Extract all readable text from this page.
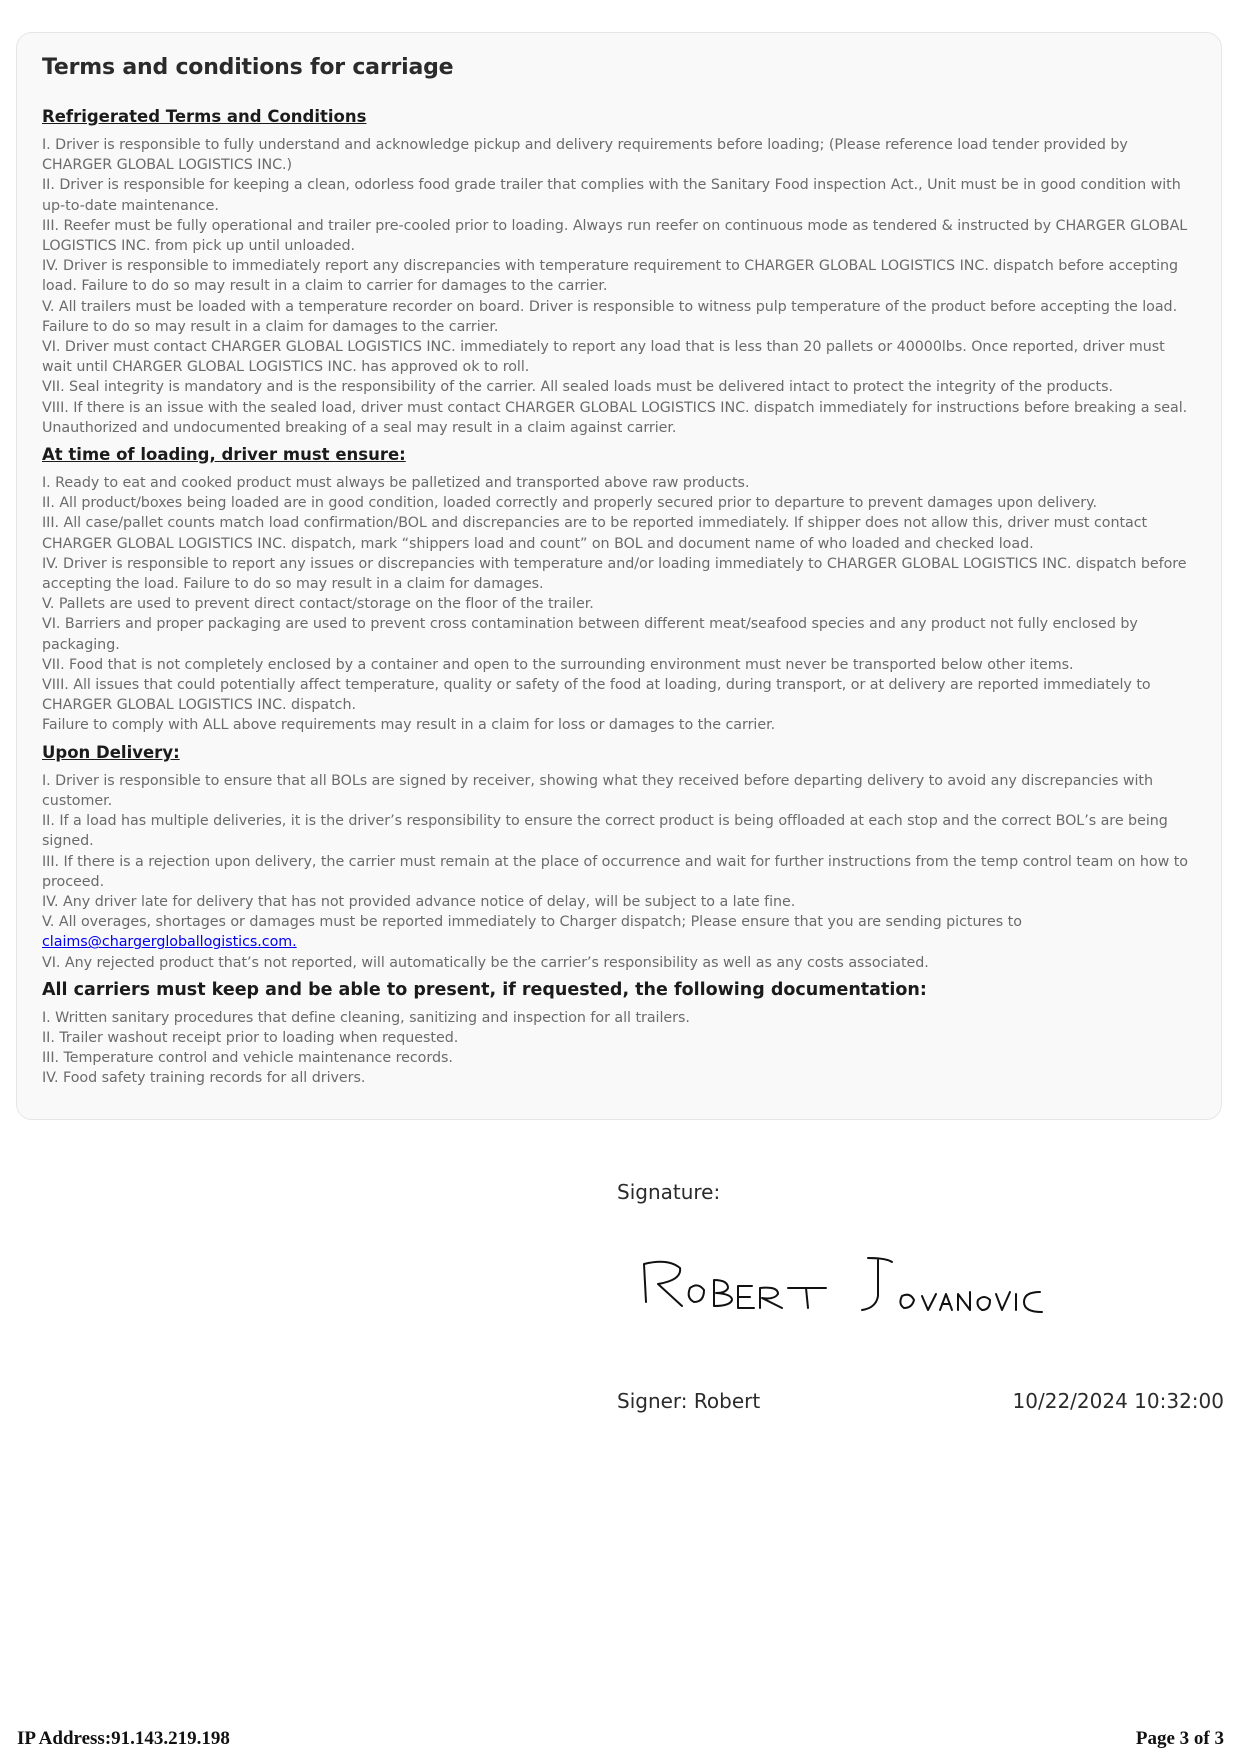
Terms and conditions for carriage
Refrigerated Terms and Conditions
I. Driver is responsible to fully understand and acknowledge pickup and delivery requirements before loading; (Please reference load tender provided by CHARGER GLOBAL LOGISTICS INC.)
II. Driver is responsible for keeping a clean, odorless food grade trailer that complies with the Sanitary Food inspection Act., Unit must be in good condition with up-to-date maintenance.
III. Reefer must be fully operational and trailer pre-cooled prior to loading. Always run reefer on continuous mode as tendered & instructed by CHARGER GLOBAL LOGISTICS INC. from pick up until unloaded.
IV. Driver is responsible to immediately report any discrepancies with temperature requirement to CHARGER GLOBAL LOGISTICS INC. dispatch before accepting load. Failure to do so may result in a claim to carrier for damages to the carrier.
V. All trailers must be loaded with a temperature recorder on board. Driver is responsible to witness pulp temperature of the product before accepting the load. Failure to do so may result in a claim for damages to the carrier.
VI. Driver must contact CHARGER GLOBAL LOGISTICS INC. immediately to report any load that is less than 20 pallets or 40000lbs. Once reported, driver must wait until CHARGER GLOBAL LOGISTICS INC. has approved ok to roll.
VII. Seal integrity is mandatory and is the responsibility of the carrier. All sealed loads must be delivered intact to protect the integrity of the products.
VIII. If there is an issue with the sealed load, driver must contact CHARGER GLOBAL LOGISTICS INC. dispatch immediately for instructions before breaking a seal. Unauthorized and undocumented breaking of a seal may result in a claim against carrier.
At time of loading, driver must ensure:
I. Ready to eat and cooked product must always be palletized and transported above raw products.
II. All product/boxes being loaded are in good condition, loaded correctly and properly secured prior to departure to prevent damages upon delivery.
III. All case/pallet counts match load confirmation/BOL and discrepancies are to be reported immediately. If shipper does not allow this, driver must contact CHARGER GLOBAL LOGISTICS INC. dispatch, mark “shippers load and count” on BOL and document name of who loaded and checked load.
IV. Driver is responsible to report any issues or discrepancies with temperature and/or loading immediately to CHARGER GLOBAL LOGISTICS INC. dispatch before accepting the load. Failure to do so may result in a claim for damages.
V. Pallets are used to prevent direct contact/storage on the floor of the trailer.
VI. Barriers and proper packaging are used to prevent cross contamination between different meat/seafood species and any product not fully enclosed by packaging.
VII. Food that is not completely enclosed by a container and open to the surrounding environment must never be transported below other items.
VIII. All issues that could potentially affect temperature, quality or safety of the food at loading, during transport, or at delivery are reported immediately to CHARGER GLOBAL LOGISTICS INC. dispatch.
Failure to comply with ALL above requirements may result in a claim for loss or damages to the carrier.
Upon Delivery:
I. Driver is responsible to ensure that all BOLs are signed by receiver, showing what they received before departing delivery to avoid any discrepancies with customer.
II. If a load has multiple deliveries, it is the driver’s responsibility to ensure the correct product is being offloaded at each stop and the correct BOL’s are being signed.
III. If there is a rejection upon delivery, the carrier must remain at the place of occurrence and wait for further instructions from the temp control team on how to proceed.
IV. Any driver late for delivery that has not provided advance notice of delay, will be subject to a late fine.
V. All overages, shortages or damages must be reported immediately to Charger dispatch; Please ensure that you are sending pictures to
claims@chargergloballogistics.com.
VI. Any rejected product that’s not reported, will automatically be the carrier’s responsibility as well as any costs associated.
All carriers must keep and be able to present, if requested, the following documentation:
I. Written sanitary procedures that define cleaning, sanitizing and inspection for all trailers.
II. Trailer washout receipt prior to loading when requested.
III. Temperature control and vehicle maintenance records.
IV. Food safety training records for all drivers.
Signature:
Signer: Robert	10/22/2024 10:32:00
IP Address:91.143.219.198	Page 3 of 3
